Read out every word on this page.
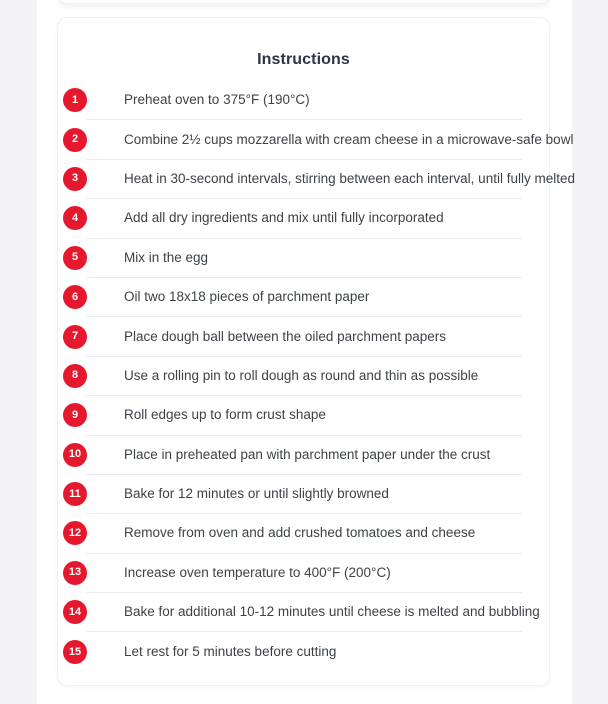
Instructions
1	Preheat oven to 375°F (190°C)
2	Combine 2½ cups mozzarella with cream cheese in a microwave-safe bowl
3	Heat in 30-second intervals, stirring between each interval, until fully melted
4	Add all dry ingredients and mix until fully incorporated
5	Mix in the egg
6	Oil two 18x18 pieces of parchment paper
7	Place dough ball between the oiled parchment papers
8	Use a rolling pin to roll dough as round and thin as possible
9	Roll edges up to form crust shape
10	Place in preheated pan with parchment paper under the crust
11	Bake for 12 minutes or until slightly browned
12	Remove from oven and add crushed tomatoes and cheese
13	Increase oven temperature to 400°F (200°C)
14	Bake for additional 10-12 minutes until cheese is melted and bubbling
15	Let rest for 5 minutes before cutting
